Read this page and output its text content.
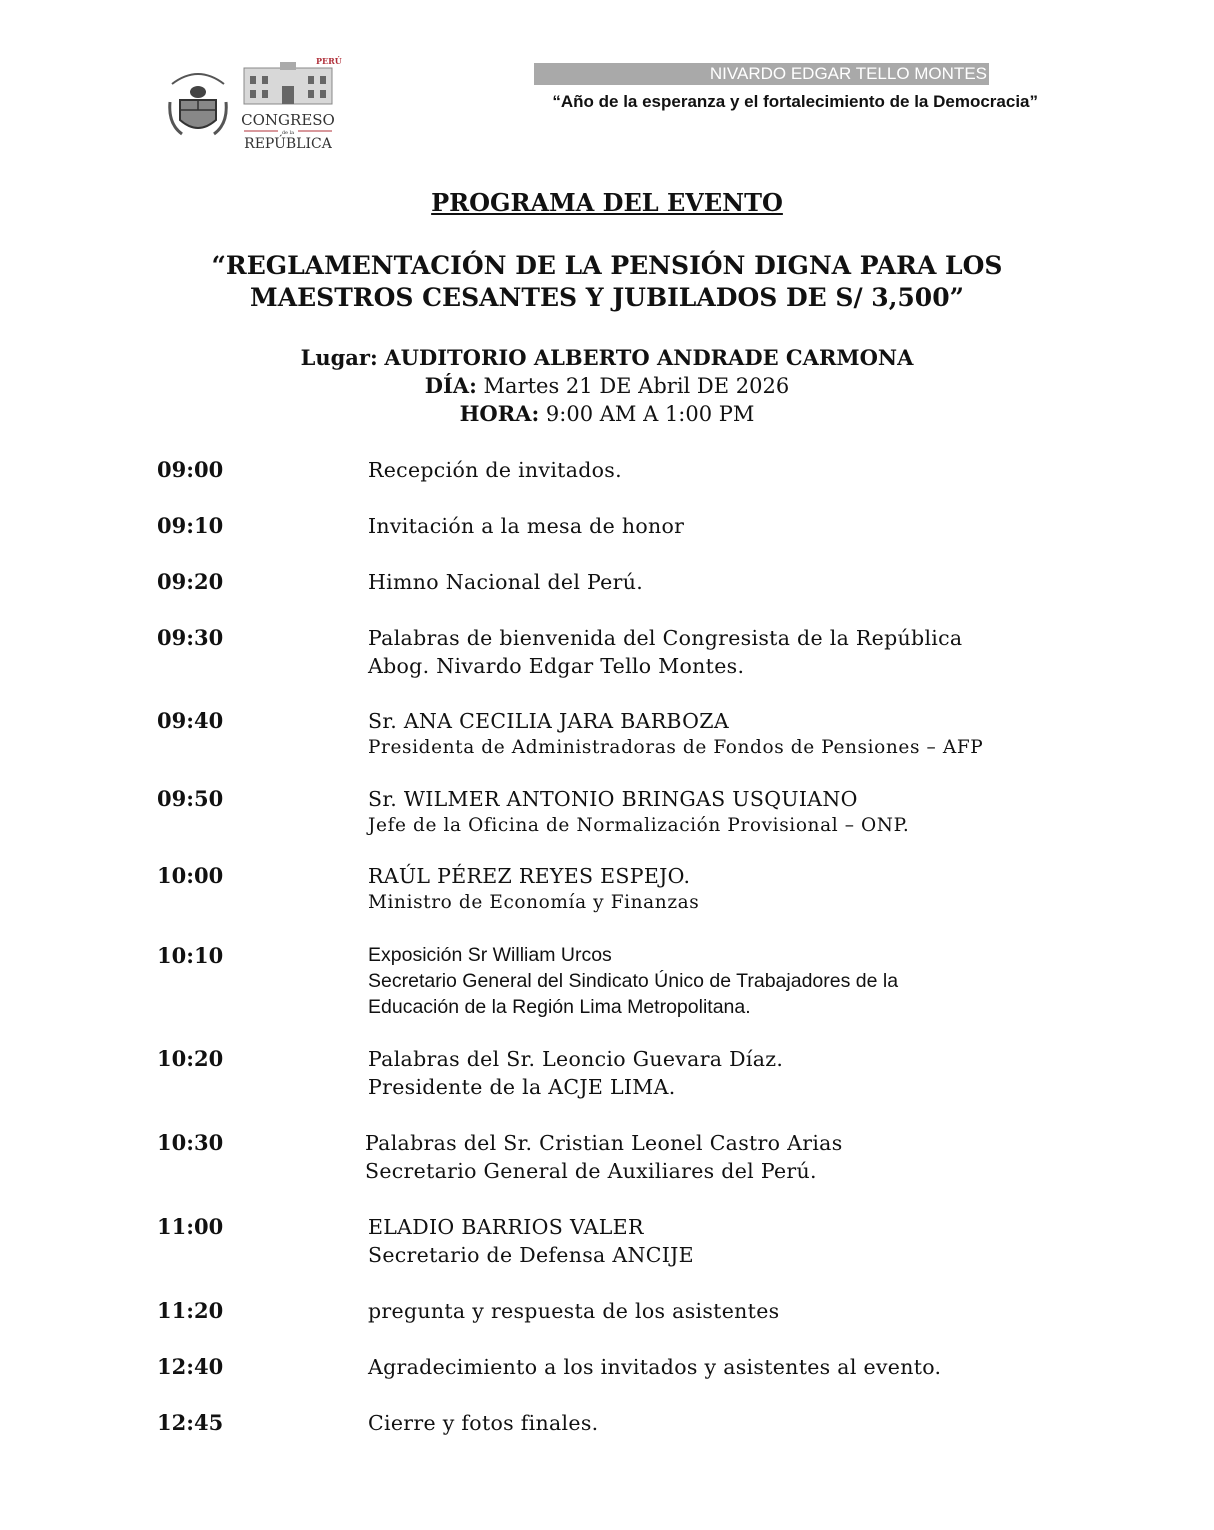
PERÚ
CONGRESO
de la
REPÚBLICA
NIVARDO EDGAR TELLO MONTES
“Año de la esperanza y el fortalecimiento de la Democracia”
PROGRAMA DEL EVENTO
“REGLAMENTACIÓN DE LA PENSIÓN DIGNA PARA LOS
MAESTROS CESANTES Y JUBILADOS DE S/ 3,500”
Lugar: AUDITORIO ALBERTO ANDRADE CARMONA
DÍA: Martes 21 DE Abril DE 2026
HORA: 9:00 AM A 1:00 PM
09:00	Recepción de invitados.
09:10	Invitación a la mesa de honor
09:20	Himno Nacional del Perú.
09:30	Palabras de bienvenida del Congresista de la República
Abog. Nivardo Edgar Tello Montes.
09:40	Sr. ANA CECILIA JARA BARBOZA
Presidenta de Administradoras de Fondos de Pensiones – AFP
09:50	Sr. WILMER ANTONIO BRINGAS USQUIANO
Jefe de la Oficina de Normalización Provisional – ONP.
10:00	RAÚL PÉREZ REYES ESPEJO.
Ministro de Economía y Finanzas
10:10	Exposición Sr William Urcos
Secretario General del Sindicato Único de Trabajadores de la
Educación de la Región Lima Metropolitana.
10:20	Palabras del Sr. Leoncio Guevara Díaz.
Presidente de la ACJE LIMA.
10:30	Palabras del Sr. Cristian Leonel Castro Arias
Secretario General de Auxiliares del Perú.
11:00	ELADIO BARRIOS VALER
Secretario de Defensa ANCIJE
11:20	pregunta y respuesta de los asistentes
12:40	Agradecimiento a los invitados y asistentes al evento.
12:45	Cierre y fotos finales.
